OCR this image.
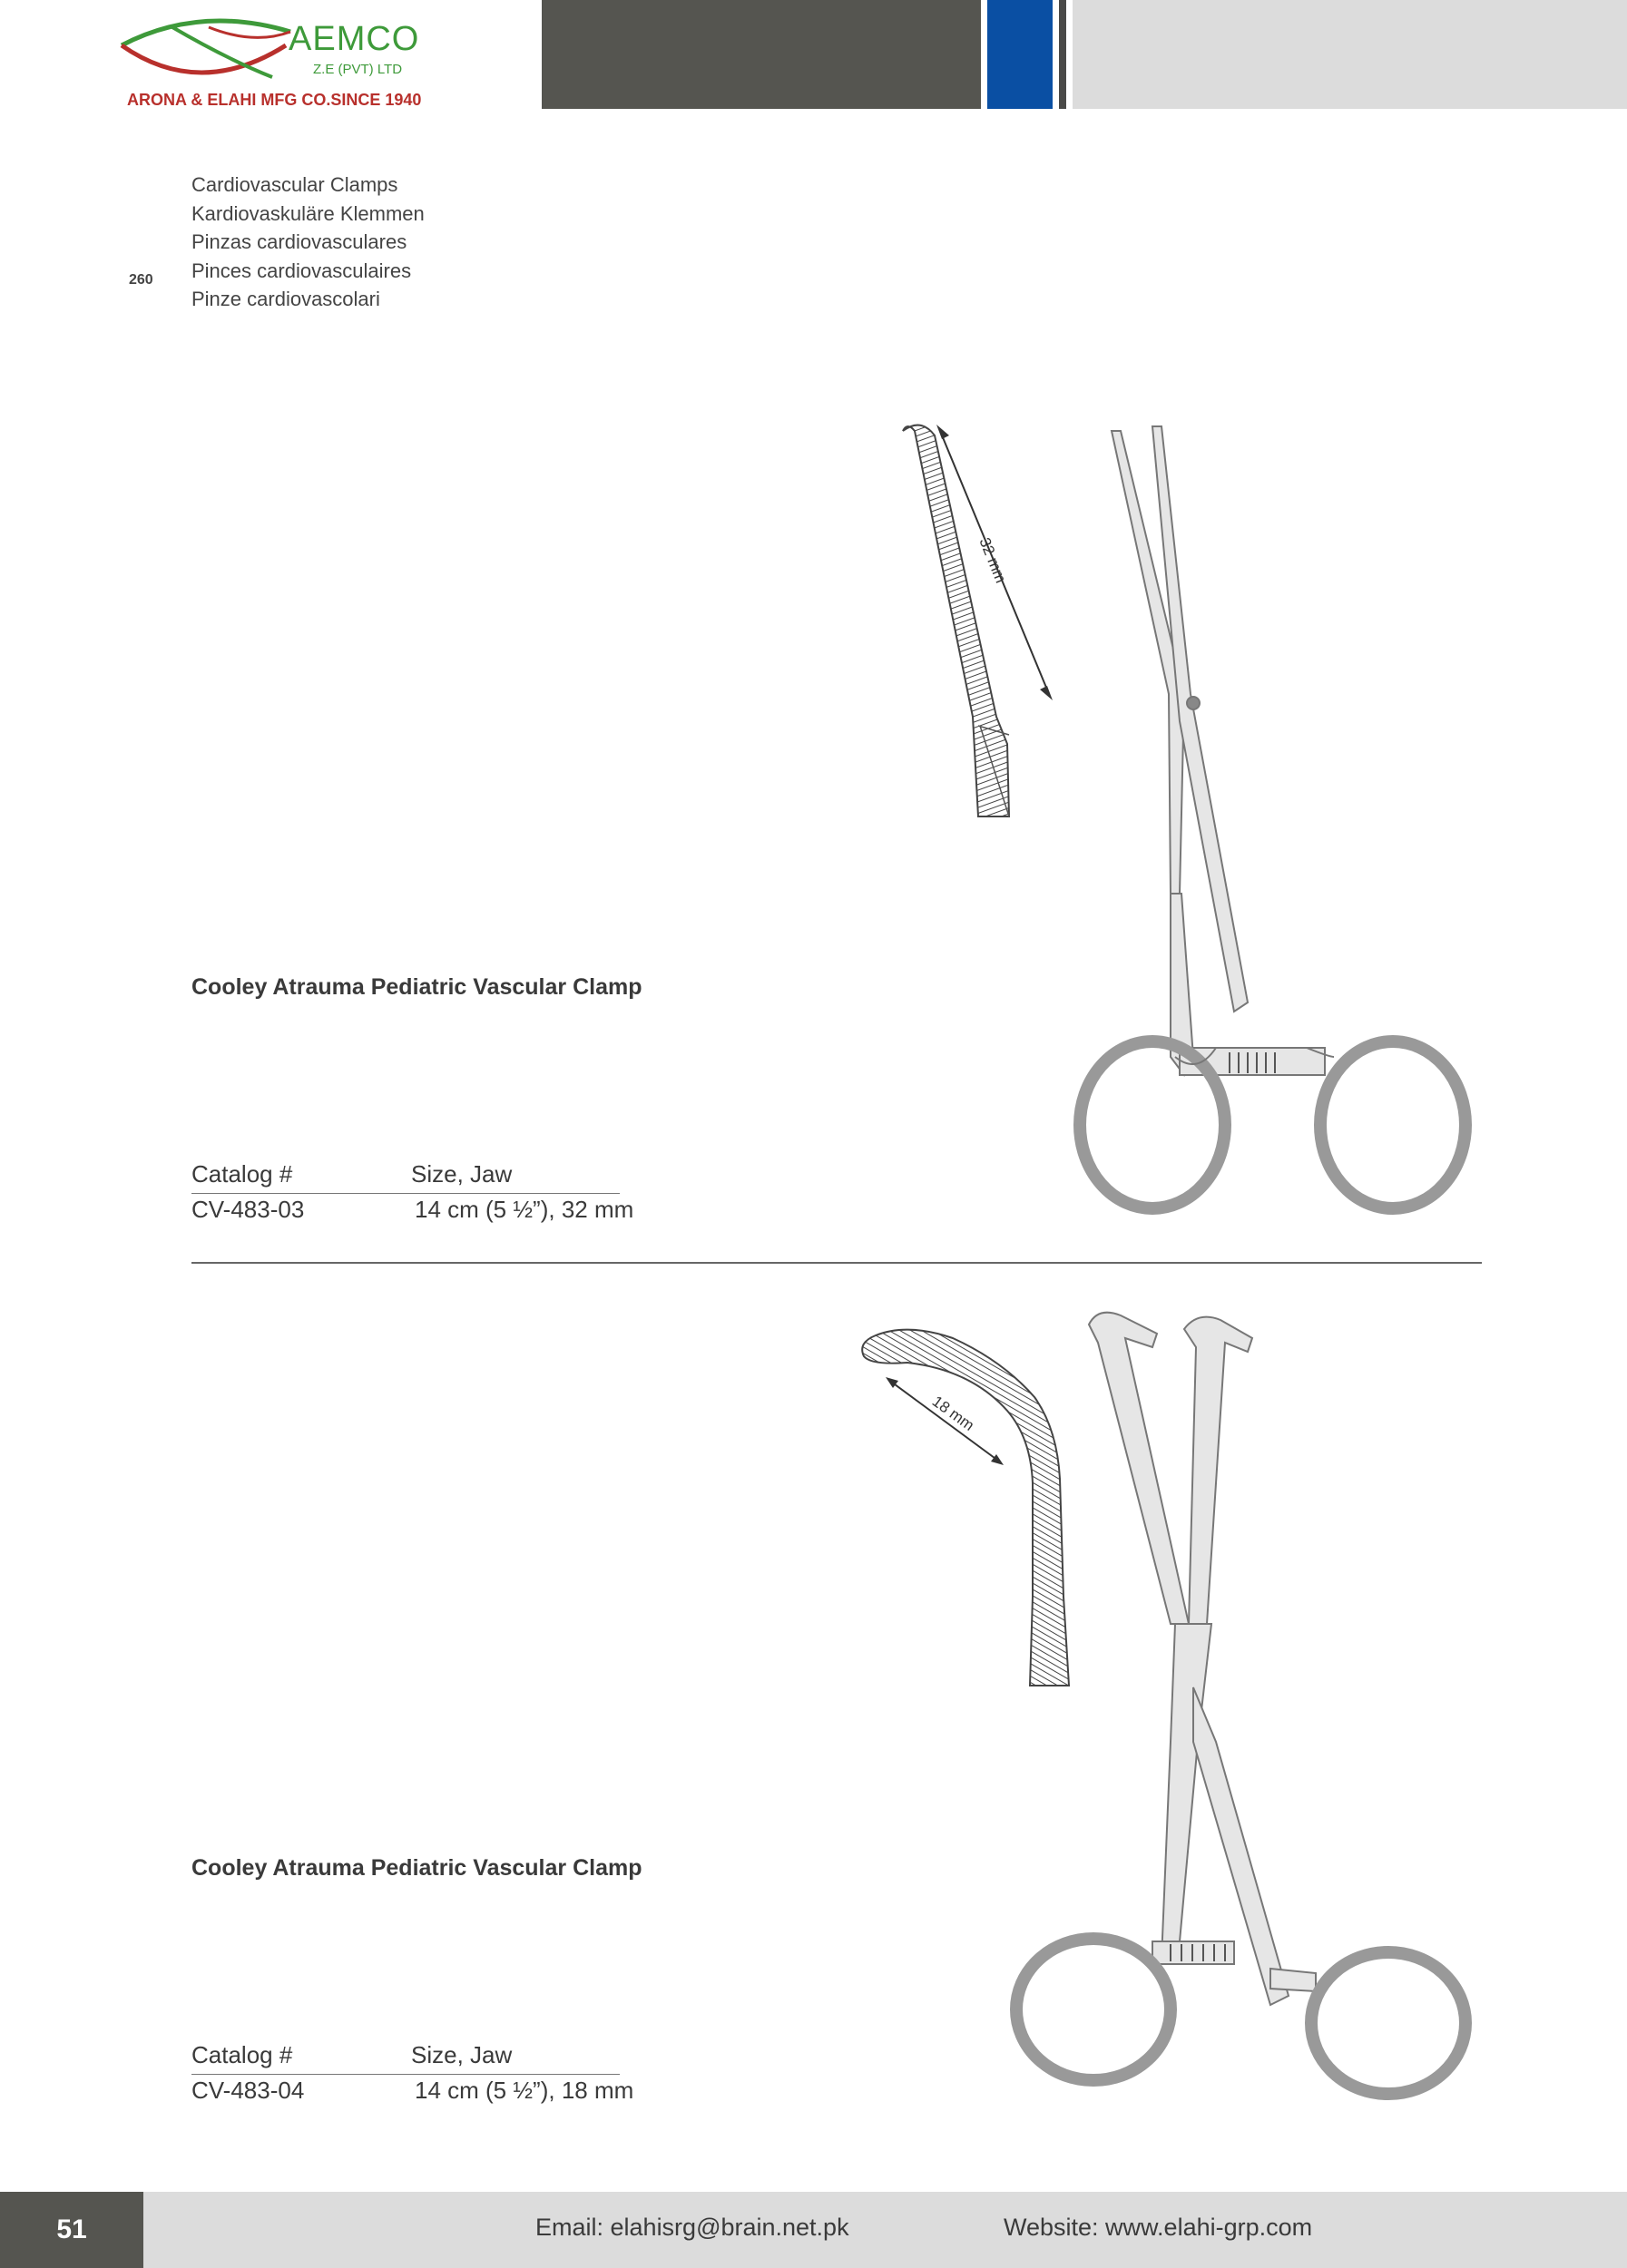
AEMCO
Z.E (PVT) LTD
ARONA & ELAHI MFG CO.SINCE 1940
Cardiovascular Clamps
Kardiovaskuläre Klemmen
Pinzas cardiovasculares
Pinces cardiovasculaires
Pinze cardiovascolari
260
Cooley Atrauma Pediatric Vascular Clamp
Catalog #	Size, Jaw
CV-483-03	14 cm (5 ½”), 32 mm
32 mm
Cooley Atrauma Pediatric Vascular Clamp
Catalog #	Size, Jaw
CV-483-04	14 cm (5 ½”), 18 mm
18 mm
51	Email: elahisrg@brain.net.pk	Website: www.elahi-grp.com
